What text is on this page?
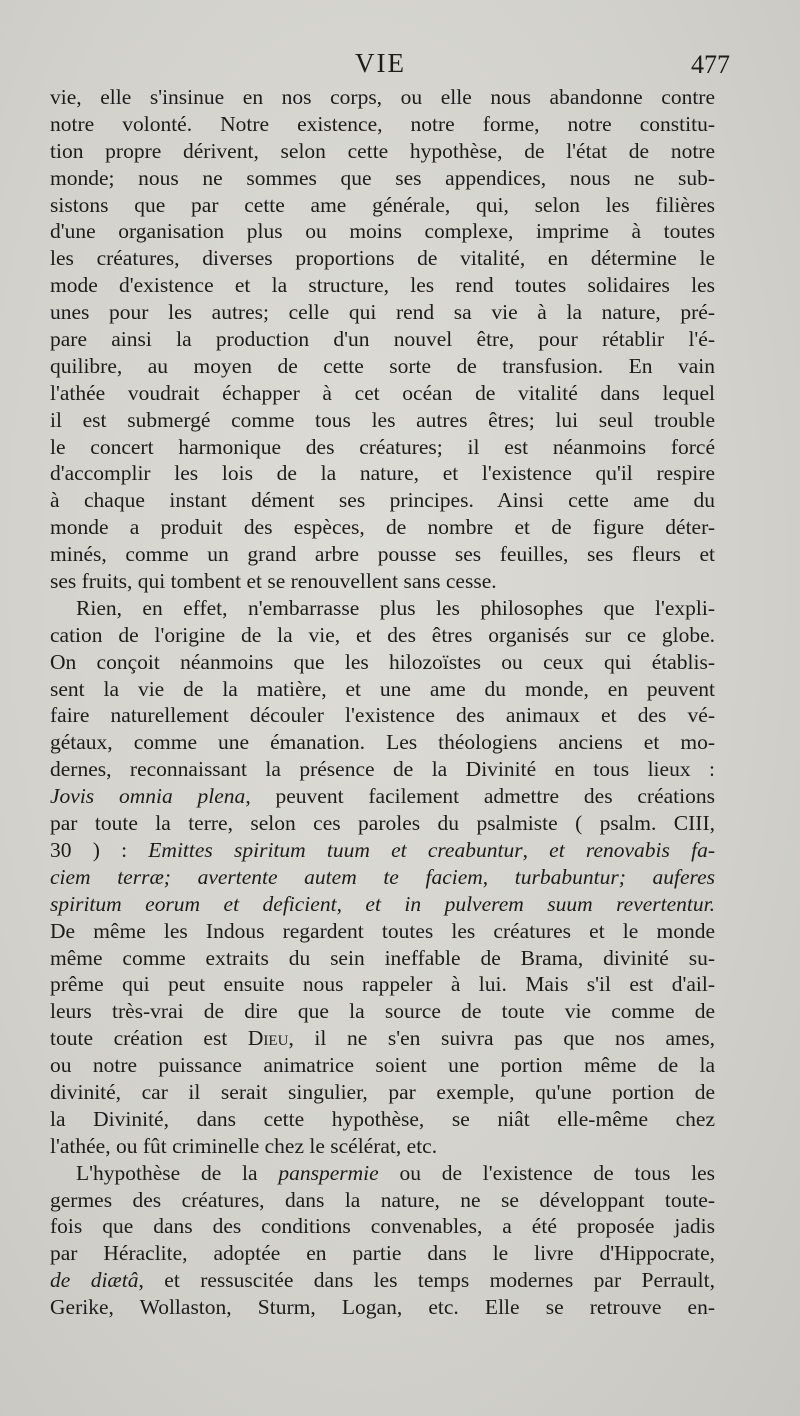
VIE	477
vie, elle s'insinue en nos corps, ou elle nous abandonne contre
notre volonté. Notre existence, notre forme, notre constitu-
tion propre dérivent, selon cette hypothèse, de l'état de notre
monde; nous ne sommes que ses appendices, nous ne sub-
sistons que par cette ame générale, qui, selon les filières
d'une organisation plus ou moins complexe, imprime à toutes
les créatures, diverses proportions de vitalité, en détermine le
mode d'existence et la structure, les rend toutes solidaires les
unes pour les autres; celle qui rend sa vie à la nature, pré-
pare ainsi la production d'un nouvel être, pour rétablir l'é-
quilibre, au moyen de cette sorte de transfusion. En vain
l'athée voudrait échapper à cet océan de vitalité dans lequel
il est submergé comme tous les autres êtres; lui seul trouble
le concert harmonique des créatures; il est néanmoins forcé
d'accomplir les lois de la nature, et l'existence qu'il respire
à chaque instant dément ses principes. Ainsi cette ame du
monde a produit des espèces, de nombre et de figure déter-
minés, comme un grand arbre pousse ses feuilles, ses fleurs et
ses fruits, qui tombent et se renouvellent sans cesse.
Rien, en effet, n'embarrasse plus les philosophes que l'expli-
cation de l'origine de la vie, et des êtres organisés sur ce globe.
On conçoit néanmoins que les hilozoïstes ou ceux qui établis-
sent la vie de la matière, et une ame du monde, en peuvent
faire naturellement découler l'existence des animaux et des vé-
gétaux, comme une émanation. Les théologiens anciens et mo-
dernes, reconnaissant la présence de la Divinité en tous lieux :
Jovis omnia plena, peuvent facilement admettre des créations
par toute la terre, selon ces paroles du psalmiste ( psalm. CIII,
30 ) : Emittes spiritum tuum et creabuntur, et renovabis fa-
ciem terræ; avertente autem te faciem, turbabuntur; auferes
spiritum eorum et deficient, et in pulverem suum revertentur.
De même les Indous regardent toutes les créatures et le monde
même comme extraits du sein ineffable de Brama, divinité su-
prême qui peut ensuite nous rappeler à lui. Mais s'il est d'ail-
leurs très-vrai de dire que la source de toute vie comme de
toute création est Dieu, il ne s'en suivra pas que nos ames,
ou notre puissance animatrice soient une portion même de la
divinité, car il serait singulier, par exemple, qu'une portion de
la Divinité, dans cette hypothèse, se niât elle-même chez
l'athée, ou fût criminelle chez le scélérat, etc.
L'hypothèse de la panspermie ou de l'existence de tous les
germes des créatures, dans la nature, ne se développant toute-
fois que dans des conditions convenables, a été proposée jadis
par Héraclite, adoptée en partie dans le livre d'Hippocrate,
de diætâ, et ressuscitée dans les temps modernes par Perrault,
Gerike, Wollaston, Sturm, Logan, etc. Elle se retrouve en-
